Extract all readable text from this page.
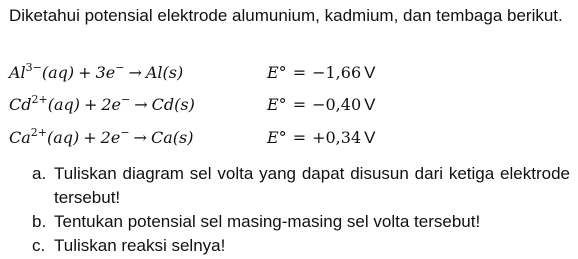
Diketahui potensial elektrode alumunium, kadmium, dan tembaga berikut.
$Al^{3-}(aq) + 3e^- \to Al(s)$	E° = −1,66 V
$Cd^{2+}(aq) + 2e^- \to Cd(s)$	E° = −0,40 V
$Ca^{2+}(aq) + 2e^- \to Ca(s)$	E° = +0,34 V
a. Tuliskan diagram sel volta yang dapat disusun dari ketiga elektrode tersebut!
b. Tentukan potensial sel masing-masing sel volta tersebut!
c. Tuliskan reaksi selnya!
